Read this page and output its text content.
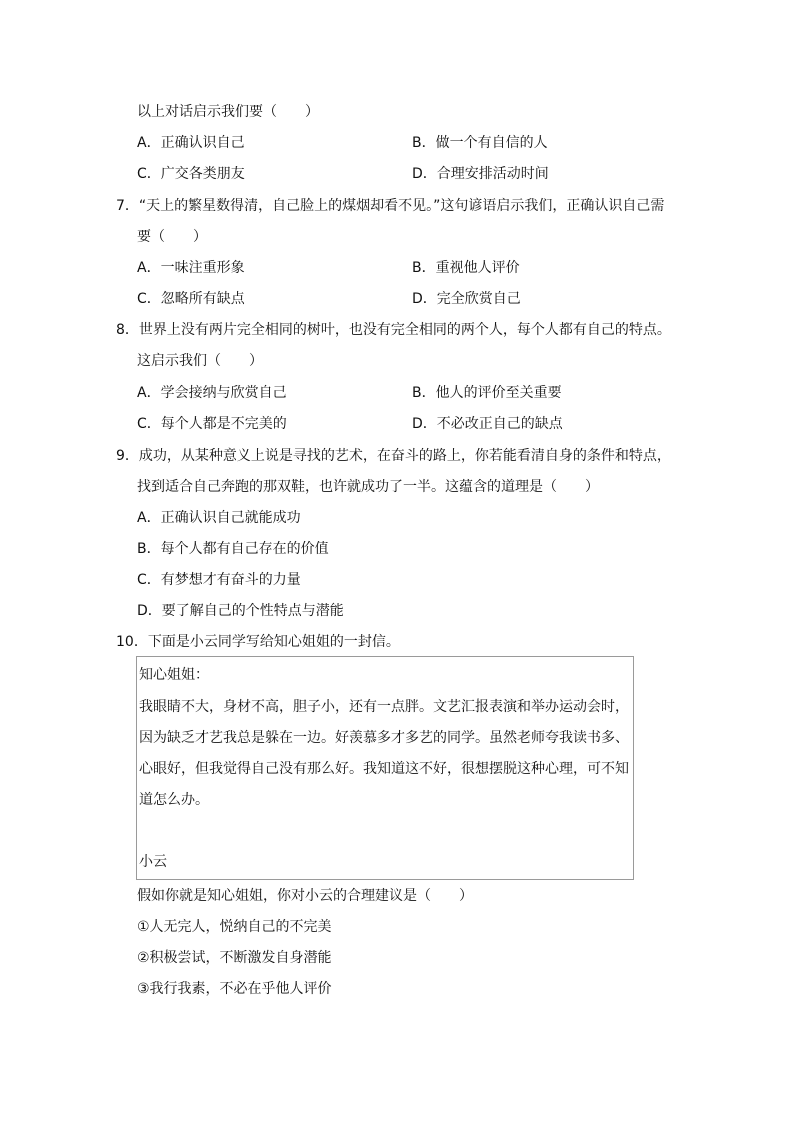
以上对话启示我们要（　　）
A．正确认识自己	B．做一个有自信的人
C．广交各类朋友	D．合理安排活动时间
7．“天上的繁星数得清，自己脸上的煤烟却看不见。”这句谚语启示我们，正确认识自己需
要（　　）
A．一味注重形象	B．重视他人评价
C．忽略所有缺点	D．完全欣赏自己
8．世界上没有两片完全相同的树叶，也没有完全相同的两个人，每个人都有自己的特点。
这启示我们（　　）
A．学会接纳与欣赏自己	B．他人的评价至关重要
C．每个人都是不完美的	D．不必改正自己的缺点
9．成功，从某种意义上说是寻找的艺术，在奋斗的路上，你若能看清自身的条件和特点，
找到适合自己奔跑的那双鞋，也许就成功了一半。这蕴含的道理是（　　）
A．正确认识自己就能成功
B．每个人都有自己存在的价值
C．有梦想才有奋斗的力量
D．要了解自己的个性特点与潜能
10．下面是小云同学写给知心姐姐的一封信。
知心姐姐：
我眼睛不大，身材不高，胆子小，还有一点胖。文艺汇报表演和举办运动会时，
因为缺乏才艺我总是躲在一边。好羡慕多才多艺的同学。虽然老师夸我读书多、
心眼好，但我觉得自己没有那么好。我知道这不好，很想摆脱这种心理，可不知
道怎么办。
小云
假如你就是知心姐姐，你对小云的合理建议是（　　）
①人无完人，悦纳自己的不完美
②积极尝试，不断激发自身潜能
③我行我素，不必在乎他人评价
